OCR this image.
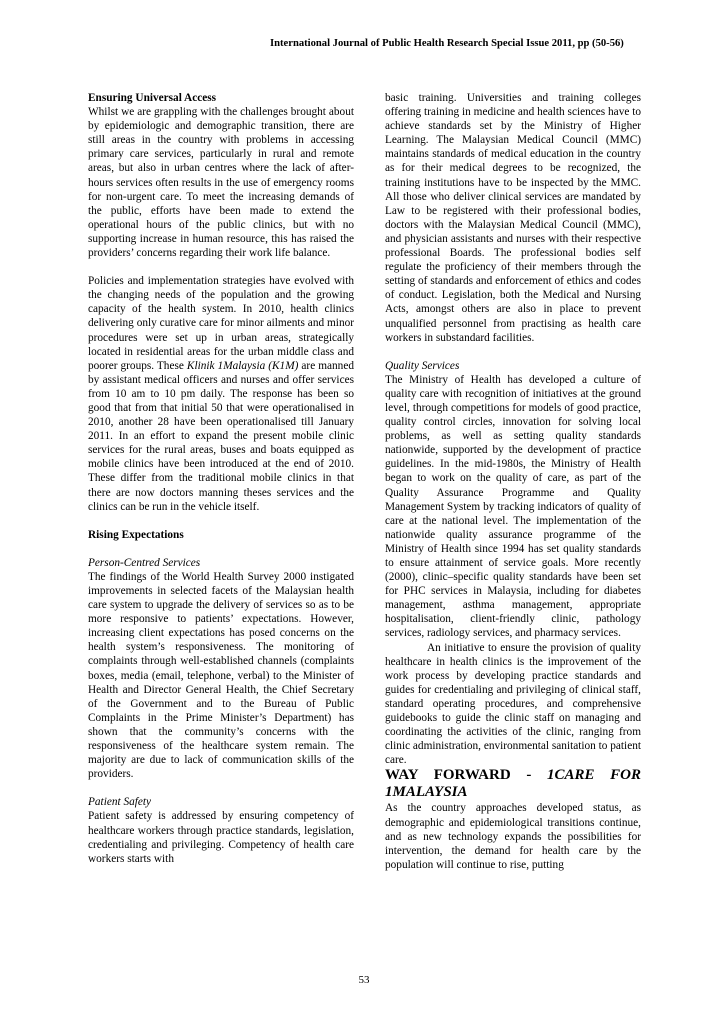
International Journal of Public Health Research Special Issue 2011, pp (50-56)

Ensuring Universal Access

Whilst we are grappling with the challenges brought about by epidemiologic and demographic transition, there are still areas in the country with problems in accessing primary care services, particularly in rural and remote areas, but also in urban centres where the lack of after-hours services often results in the use of emergency rooms for non-urgent care. To meet the increasing demands of the public, efforts have been made to extend the operational hours of the public clinics, but with no supporting increase in human resource, this has raised the providers’ concerns regarding their work life balance.

Policies and implementation strategies have evolved with the changing needs of the population and the growing capacity of the health system. In 2010, health clinics delivering only curative care for minor ailments and minor procedures were set up in urban areas, strategically located in residential areas for the urban middle class and poorer groups. These Klinik 1Malaysia (K1M) are manned by assistant medical officers and nurses and offer services from 10 am to 10 pm daily. The response has been so good that from that initial 50 that were operationalised in 2010, another 28 have been operationalised till January 2011. In an effort to expand the present mobile clinic services for the rural areas, buses and boats equipped as mobile clinics have been introduced at the end of 2010. These differ from the traditional mobile clinics in that there are now doctors manning theses services and the clinics can be run in the vehicle itself.

Rising Expectations

Person-Centred Services

The findings of the World Health Survey 2000 instigated improvements in selected facets of the Malaysian health care system to upgrade the delivery of services so as to be more responsive to patients’ expectations. However, increasing client expectations has posed concerns on the health system’s responsiveness. The monitoring of complaints through well-established channels (complaints boxes, media (email, telephone, verbal) to the Minister of Health and Director General Health, the Chief Secretary of the Government and to the Bureau of Public Complaints in the Prime Minister’s Department) has shown that the community’s concerns with the responsiveness of the healthcare system remain. The majority are due to lack of communication skills of the providers.

Patient Safety

Patient safety is addressed by ensuring competency of healthcare workers through practice standards, legislation, credentialing and privileging. Competency of health care workers starts with

basic training. Universities and training colleges offering training in medicine and health sciences have to achieve standards set by the Ministry of Higher Learning. The Malaysian Medical Council (MMC) maintains standards of medical education in the country as for their medical degrees to be recognized, the training institutions have to be inspected by the MMC. All those who deliver clinical services are mandated by Law to be registered with their professional bodies, doctors with the Malaysian Medical Council (MMC), and physician assistants and nurses with their respective professional Boards. The professional bodies self regulate the proficiency of their members through the setting of standards and enforcement of ethics and codes of conduct. Legislation, both the Medical and Nursing Acts, amongst others are also in place to prevent unqualified personnel from practising as health care workers in substandard facilities.

Quality Services

The Ministry of Health has developed a culture of quality care with recognition of initiatives at the ground level, through competitions for models of good practice, quality control circles, innovation for solving local problems, as well as setting quality standards nationwide, supported by the development of practice guidelines. In the mid-1980s, the Ministry of Health began to work on the quality of care, as part of the Quality Assurance Programme and Quality Management System by tracking indicators of quality of care at the national level. The implementation of the nationwide quality assurance programme of the Ministry of Health since 1994 has set quality standards to ensure attainment of service goals. More recently (2000), clinic–specific quality standards have been set for PHC services in Malaysia, including for diabetes management, asthma management, appropriate hospitalisation, client-friendly clinic, pathology services, radiology services, and pharmacy services.

An initiative to ensure the provision of quality healthcare in health clinics is the improvement of the work process by developing practice standards and guides for credentialing and privileging of clinical staff, standard operating procedures, and comprehensive guidebooks to guide the clinic staff on managing and coordinating the activities of the clinic, ranging from clinic administration, environmental sanitation to patient care.

WAY FORWARD - 1CARE FOR 1MALAYSIA

As the country approaches developed status, as demographic and epidemiological transitions continue, and as new technology expands the possibilities for intervention, the demand for health care by the population will continue to rise, putting

53
